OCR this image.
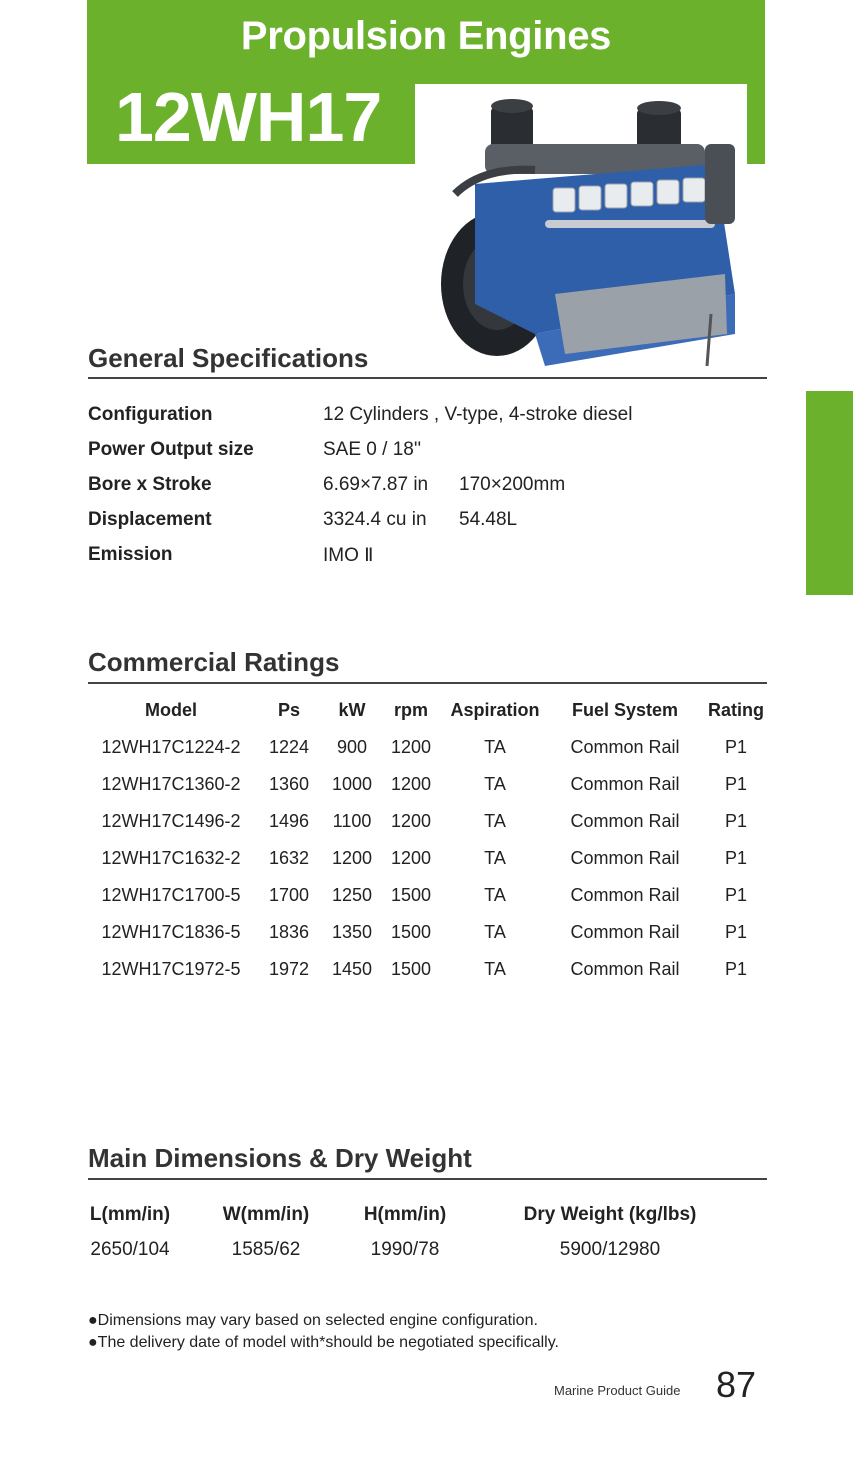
Propulsion Engines
12WH17
General Specifications
Configuration	12 Cylinders , V-type, 4-stroke diesel
Power Output size	SAE 0 / 18''
Bore x Stroke	6.69×7.87 in 170×200mm
Displacement	3324.4 cu in 54.48L
Emission	IMO Ⅱ
Commercial Ratings
Model	Ps	kW	rpm	Aspiration	Fuel System	Rating
12WH17C1224-2	1224	900	1200	TA	Common Rail	P1
12WH17C1360-2	1360	1000	1200	TA	Common Rail	P1
12WH17C1496-2	1496	1100	1200	TA	Common Rail	P1
12WH17C1632-2	1632	1200	1200	TA	Common Rail	P1
12WH17C1700-5	1700	1250	1500	TA	Common Rail	P1
12WH17C1836-5	1836	1350	1500	TA	Common Rail	P1
12WH17C1972-5	1972	1450	1500	TA	Common Rail	P1
Main Dimensions & Dry Weight
L(mm/in)	W(mm/in)	H(mm/in)	Dry Weight (kg/lbs)
2650/104	1585/62	1990/78	5900/12980
●Dimensions may vary based on selected engine configuration.
●The delivery date of model with*should be negotiated specifically.
Marine Product Guide 87
